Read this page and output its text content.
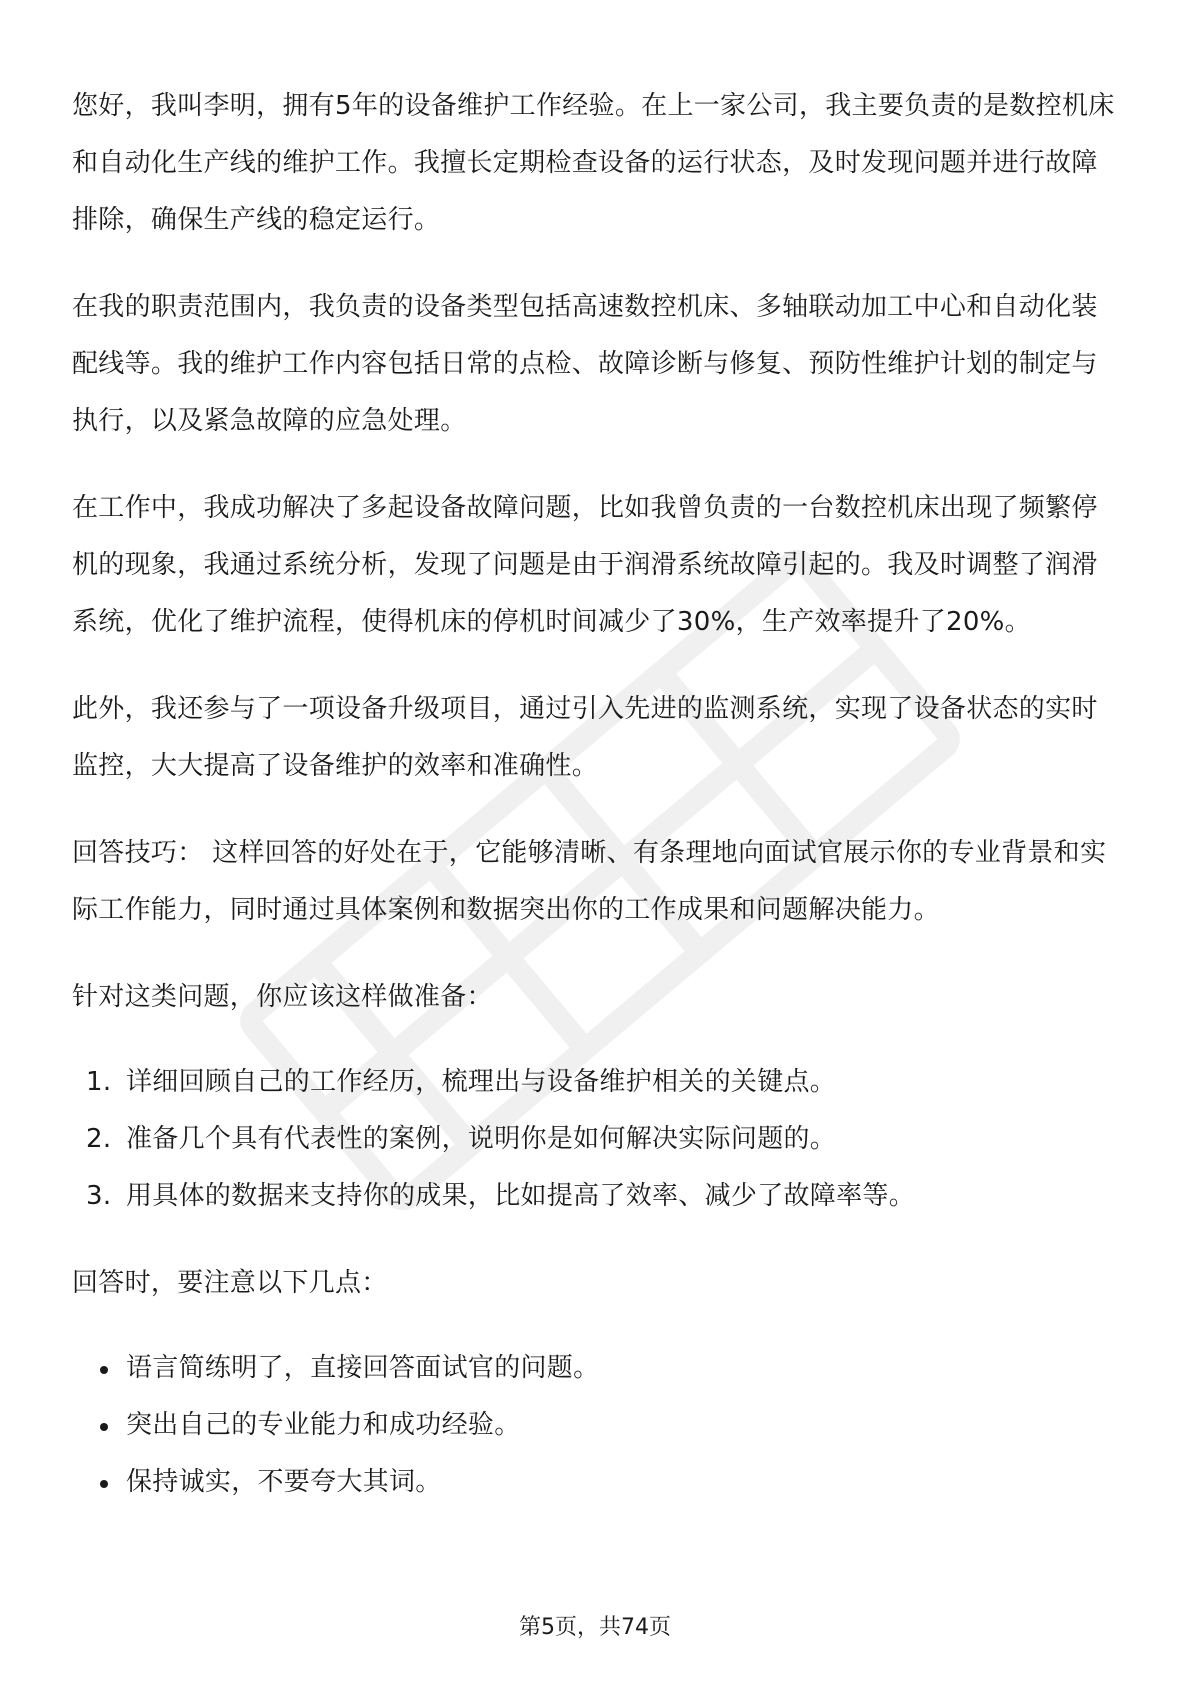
您好，我叫李明，拥有5年的设备维护工作经验。在上一家公司，我主要负责的是数控机床和自动化生产线的维护工作。我擅长定期检查设备的运行状态，及时发现问题并进行故障排除，确保生产线的稳定运行。

在我的职责范围内，我负责的设备类型包括高速数控机床、多轴联动加工中心和自动化装配线等。我的维护工作内容包括日常的点检、故障诊断与修复、预防性维护计划的制定与执行，以及紧急故障的应急处理。

在工作中，我成功解决了多起设备故障问题，比如我曾负责的一台数控机床出现了频繁停机的现象，我通过系统分析，发现了问题是由于润滑系统故障引起的。我及时调整了润滑系统，优化了维护流程，使得机床的停机时间减少了30%，生产效率提升了20%。

此外，我还参与了一项设备升级项目，通过引入先进的监测系统，实现了设备状态的实时监控，大大提高了设备维护的效率和准确性。

回答技巧： 这样回答的好处在于，它能够清晰、有条理地向面试官展示你的专业背景和实际工作能力，同时通过具体案例和数据突出你的工作成果和问题解决能力。

针对这类问题，你应该这样做准备：

1. 详细回顾自己的工作经历，梳理出与设备维护相关的关键点。
2. 准备几个具有代表性的案例，说明你是如何解决实际问题的。
3. 用具体的数据来支持你的成果，比如提高了效率、减少了故障率等。

回答时，要注意以下几点：

语言简练明了，直接回答面试官的问题。
突出自己的专业能力和成功经验。
保持诚实，不要夸大其词。
第5页，共74页
